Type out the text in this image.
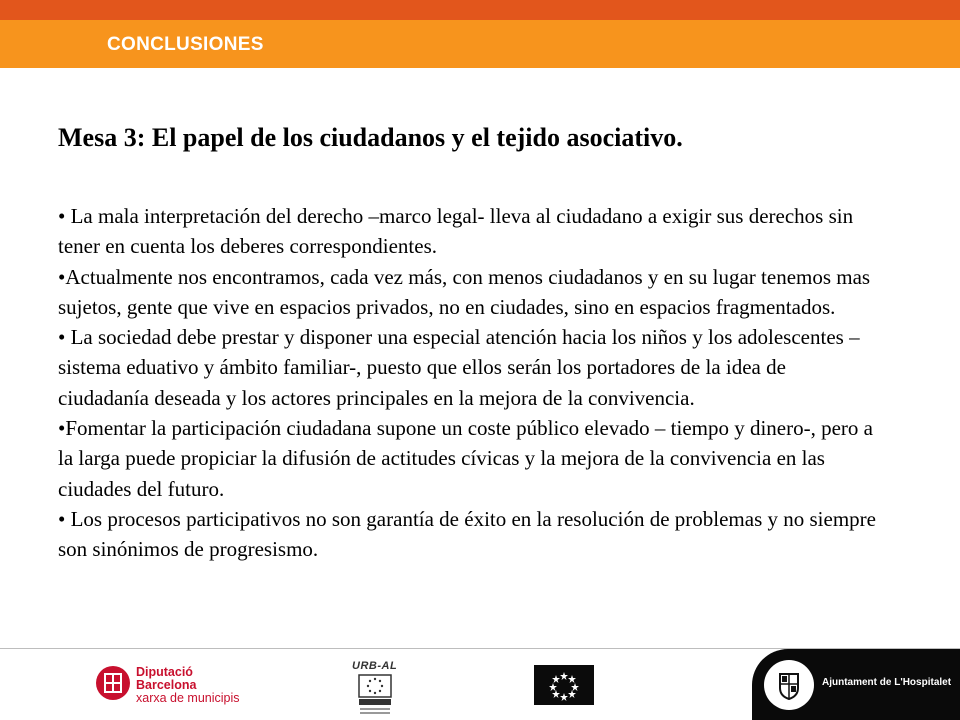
CONCLUSIONES
Mesa 3: El papel de los ciudadanos y el tejido asociativo.
• La mala interpretación del derecho –marco legal- lleva al ciudadano a exigir sus derechos sin tener en cuenta los deberes correspondientes.
•Actualmente nos encontramos, cada vez más, con menos ciudadanos y en su lugar tenemos mas sujetos, gente que vive en espacios privados, no en ciudades, sino en espacios fragmentados.
• La sociedad debe prestar y disponer una especial atención hacia los niños y los adolescentes –sistema eduativo y ámbito familiar-, puesto que ellos serán los portadores de la idea de ciudadanía deseada y los actores principales en la mejora de la convivencia.
•Fomentar la participación ciudadana supone un coste público elevado – tiempo y dinero-, pero a la larga puede propiciar la difusión de actitudes cívicas y la mejora de la convivencia en las ciudades del futuro.
• Los procesos participativos no son garantía de éxito en la resolución de problemas y no siempre son sinónimos de progresismo.
Diputació
Barcelona
xarxa de municipis
URB-AL
Ajuntament de L'Hospitalet
